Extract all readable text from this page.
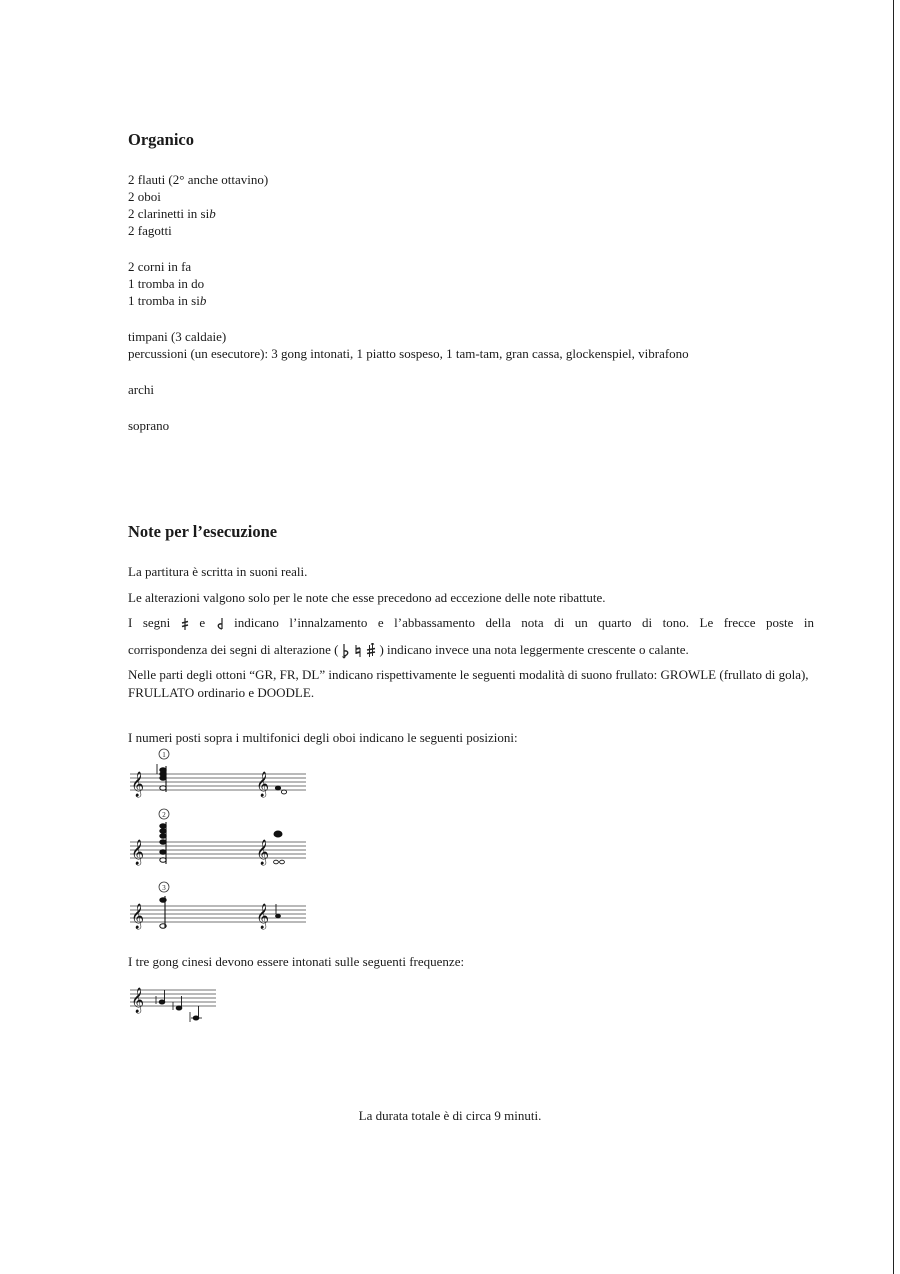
Organico
2 flauti (2° anche ottavino)
2 oboi
2 clarinetti in sib
2 fagotti
2 corni in fa
1 tromba in do
1 tromba in sib
timpani (3 caldaie)
percussioni (un esecutore): 3 gong intonati, 1 piatto sospeso, 1 tam-tam, gran cassa, glockenspiel, vibrafono
archi
soprano
Note per l’esecuzione
La partitura è scritta in suoni reali.
Le alterazioni valgono solo per le note che esse precedono ad eccezione delle note ribattute.
I segni e indicano l’innalzamento e l’abbassamento della nota di un quarto di tono. Le frecce poste in
corrispondenza dei segni di alterazione (	) indicano invece una nota leggermente crescente o calante.
Nelle parti degli ottoni “GR, FR, DL” indicano rispettivamente le seguenti modalità di suono frullato: GROWLE (frullato di gola), FRULLATO ordinario e DOODLE.
I numeri posti sopra i multifonici degli oboi indicano le seguenti posizioni:
I tre gong cinesi devono essere intonati sulle seguenti frequenze:
1
𝄞	𝄞
2
𝄞	𝄞
3
𝄞	𝄞
𝄞
La durata totale è di circa 9 minuti.
